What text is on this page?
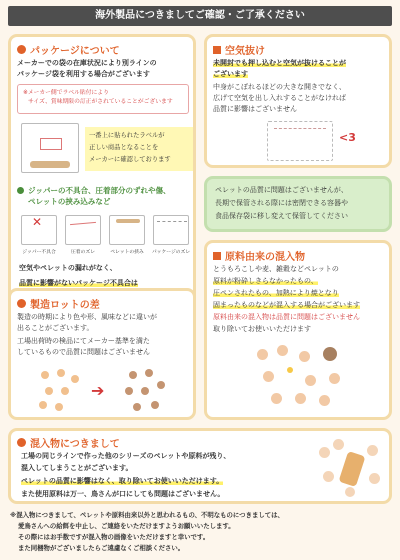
海外製品につきましてご確認・ご了承ください
パッケージについて
メーカーでの袋の在庫状況により別ラインの
パッケージ袋を利用する場合がございます
※メーカー側でラベル貼付により
サイズ、賞味期限の訂正がされていることがございます
一番上に貼られたラベルが
正しい商品となることを
メーカーに確認しております
ジッパーの不具合、圧着部分のずれや傷、
ペレットの挟み込みなど
✕
ジッパー不具合	圧着のズレ	ペレットの挟み	パッケージのズレ
空気やペレットの漏れがなく、
品質に影響がないパッケージ不具合は
空気抜け
未開封でも押し込むと空気が抜けることが
ございます
中身がこぼれるほどの大きな開きでなく、
広げて空気を出し入れすることがなければ
品質に影響はございません
<3
ペレットの品質に問題はございませんが、
長期で保管される際には密閉できる容器や
食品保存袋に移し変えて保管してください
原料由来の混入物
とうもろこしや麦、雑穀などペレットの
原料が粉砕しきらなかったもの、
圧ペンされたもの、加熱により焼となり
固まったものなどが混入する場合がございます
原料由来の混入物は品質に問題はございません
取り除いてお使いいただけます
製造ロットの差
製造の時期により色や形、風味などに違いが
出ることがございます。
工場出荷時の検品にてメーカー基準を満た
しているもので品質に問題はございません
➔
混入物につきまして
工場の同じラインで作った他のシリーズのペレットや原料が残り、
混入してしまうことがございます。
ペレットの品質に影響はなく、取り除いてお使いいただけます。
また使用原料は万一、鳥さんが口にしても問題はございません。
※混入物につきまして、ペレットや原料由来以外と思われるもの、不明なものにつきましては、
愛鳥さんへの給餌を中止し、ご連絡をいただけますようお願いいたします。
その際にはお手数ですが混入物の画像をいただけますと幸いです。
また同梱物がございましたらご遠慮なくご相談ください。
